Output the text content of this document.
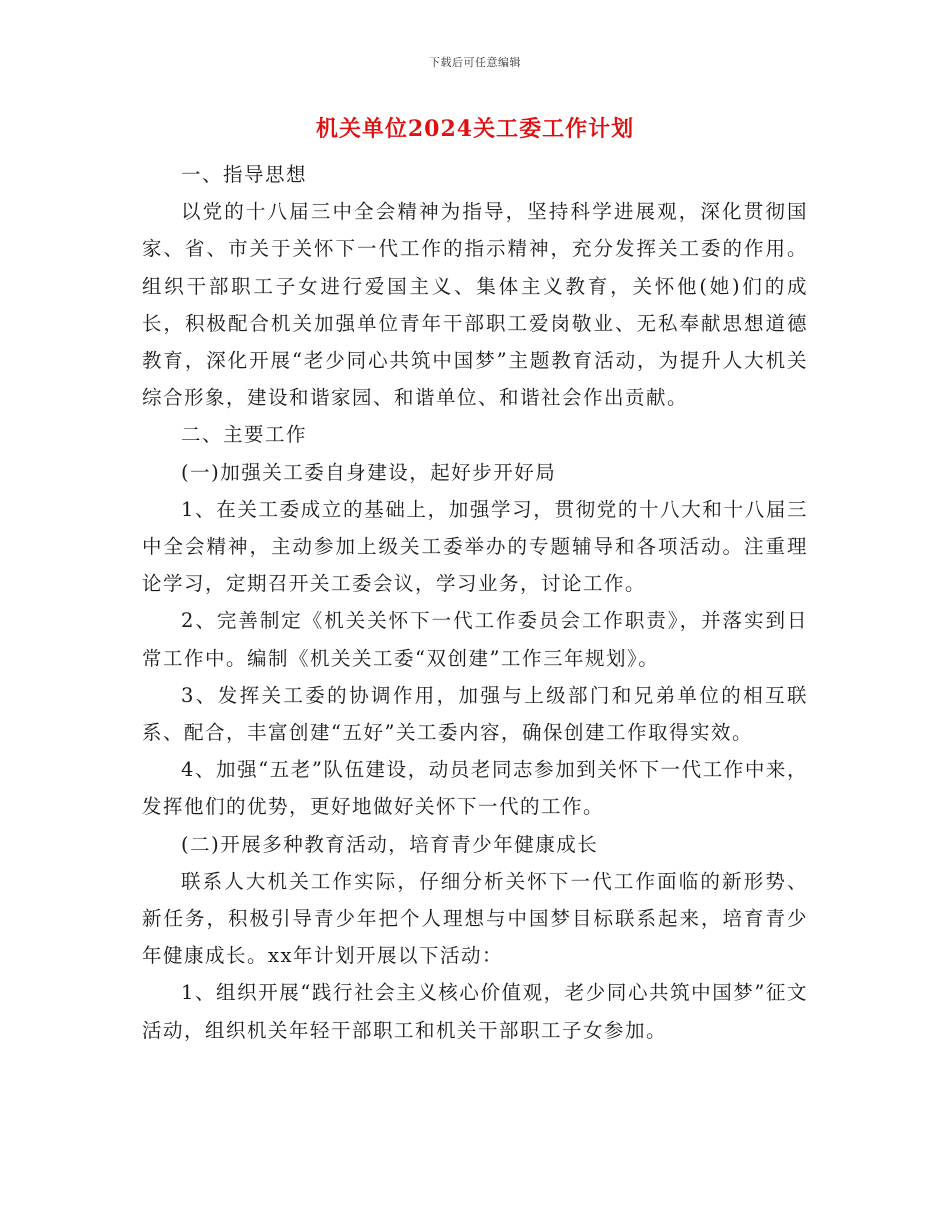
下载后可任意编辑
机关单位2024关工委工作计划

一、指导思想

以党的十八届三中全会精神为指导，坚持科学进展观，深化贯彻国家、省、市关于关怀下一代工作的指示精神，充分发挥关工委的作用。组织干部职工子女进行爱国主义、集体主义教育，关怀他(她)们的成长，积极配合机关加强单位青年干部职工爱岗敬业、无私奉献思想道德教育，深化开展“老少同心共筑中国梦”主题教育活动，为提升人大机关综合形象，建设和谐家园、和谐单位、和谐社会作出贡献。

二、主要工作

(一)加强关工委自身建设，起好步开好局

1、在关工委成立的基础上，加强学习，贯彻党的十八大和十八届三中全会精神，主动参加上级关工委举办的专题辅导和各项活动。注重理论学习，定期召开关工委会议，学习业务，讨论工作。

2、完善制定《机关关怀下一代工作委员会工作职责》，并落实到日常工作中。编制《机关关工委“双创建”工作三年规划》。

3、发挥关工委的协调作用，加强与上级部门和兄弟单位的相互联系、配合，丰富创建“五好”关工委内容，确保创建工作取得实效。

4、加强“五老”队伍建设，动员老同志参加到关怀下一代工作中来，发挥他们的优势，更好地做好关怀下一代的工作。

(二)开展多种教育活动，培育青少年健康成长

联系人大机关工作实际，仔细分析关怀下一代工作面临的新形势、新任务，积极引导青少年把个人理想与中国梦目标联系起来，培育青少年健康成长。xx年计划开展以下活动：

1、组织开展“践行社会主义核心价值观，老少同心共筑中国梦”征文活动，组织机关年轻干部职工和机关干部职工子女参加。
